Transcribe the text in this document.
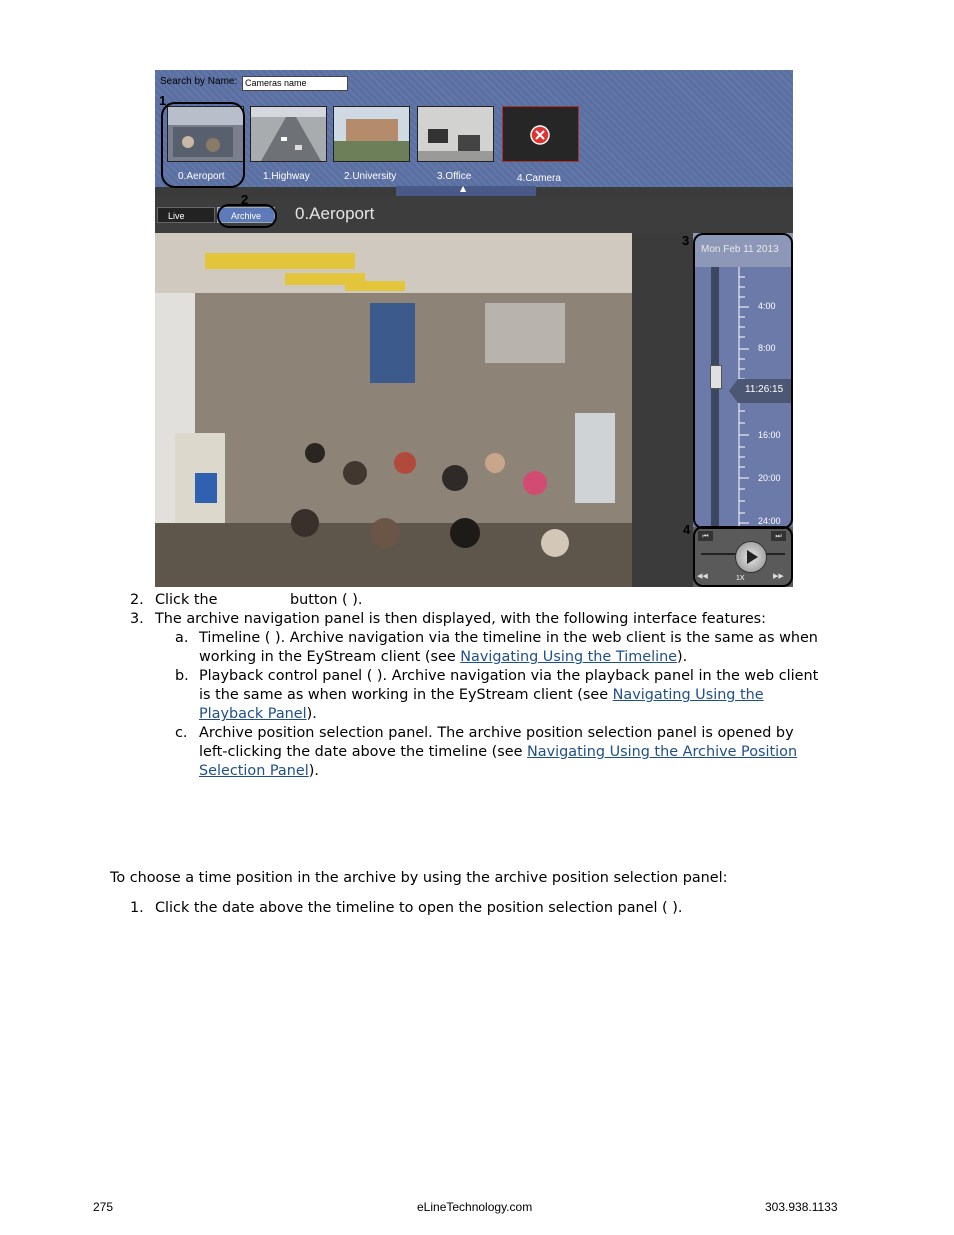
Search by Name: Cameras name
0.Aeroport	1.Highway	2.University	3.Office	4.Camera
▲
Live	Archive	0.Aeroport
Mon Feb 11 2013
4:00
8:00
16:00
20:00
24:00
11:26:15
⏮	⏭
◀◀	▶▶
1X
1
2
3
4
2. Click the	button ( ).
3. The archive navigation panel is then displayed, with the following interface features:
a. Timeline ( ). Archive navigation via the timeline in the web client is the same as when
working in the EyStream client (see Navigating Using the Timeline).
b. Playback control panel ( ). Archive navigation via the playback panel in the web client
is the same as when working in the EyStream client (see Navigating Using the
Playback Panel).
c. Archive position selection panel. The archive position selection panel is opened by
left-clicking the date above the timeline (see Navigating Using the Archive Position
Selection Panel).
To choose a time position in the archive by using the archive position selection panel:
1. Click the date above the timeline to open the position selection panel ( ).
275	eLineTechnology.com	303.938.1133
